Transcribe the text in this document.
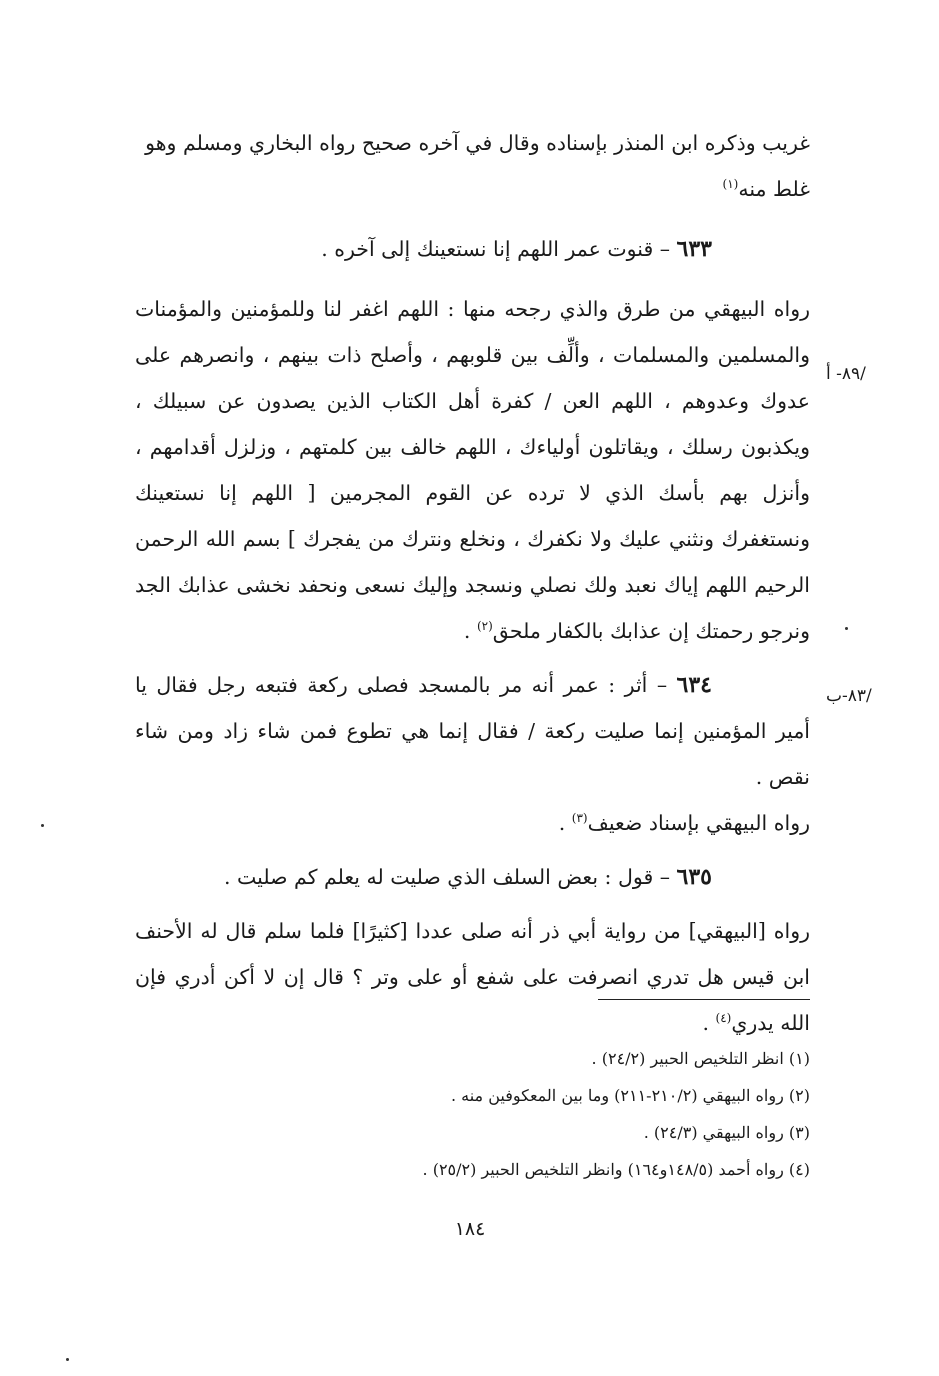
غريب وذكره ابن المنذر بإسناده وقال في آخره صحيح رواه البخاري ومسلم وهو
غلط منه$^{(١)}$

٦٣٣ – قنوت عمر اللهم إنا نستعينك إلى آخره .

رواه البيهقي من طرق والذي رجحه منها : اللهم اغفر لنا وللمؤمنين والمؤمنات والمسلمين والمسلمات ، وألِّف بين قلوبهم ، وأصلح ذات بينهم ، وانصرهم على عدوك وعدوهم ، اللهم العن / كفرة أهل الكتاب الذين يصدون عن سبيلك ، ويكذبون رسلك ، ويقاتلون أولياءك ، اللهم خالف بين كلمتهم ، وزلزل أقدامهم ، وأنزل بهم بأسك الذي لا ترده عن القوم المجرمين [ اللهم إنا نستعينك ونستغفرك ونثني عليك ولا نكفرك ، ونخلع ونترك من يفجرك ] بسم الله الرحمن الرحيم اللهم إياك نعبد ولك نصلي ونسجد وإليك نسعى ونحفد نخشى عذابك الجد ونرجو رحمتك إن عذابك بالكفار ملحق$^{(٢)}$ .

٦٣٤ – أثر : عمر أنه مر بالمسجد فصلى ركعة فتبعه رجل فقال يا أمير المؤمنين إنما صليت ركعة / فقال إنما هي تطوع فمن شاء زاد ومن شاء نقص .

رواه البيهقي بإسناد ضعيف$^{(٣)}$ .

٦٣٥ – قول : بعض السلف الذي صليت له يعلم كم صليت .

رواه [البيهقي] من رواية أبي ذر أنه صلى عددا [كثيرًا] فلما سلم قال له الأحنف ابن قيس هل تدري انصرفت على شفع أو على وتر ؟ قال إن لا أكن أدري فإن الله يدري$^{(٤)}$ .

/٨٩- أ
/٨٣-ب
(١) انظر التلخيص الحبير (٢٤/٢) .
(٢) رواه البيهقي (٢١٠/٢-٢١١) وما بين المعكوفين منه .
(٣) رواه البيهقي (٢٤/٣) .
(٤) رواه أحمد (١٤٨/٥و١٦٤) وانظر التلخيص الحبير (٢٥/٢) .
١٨٤
